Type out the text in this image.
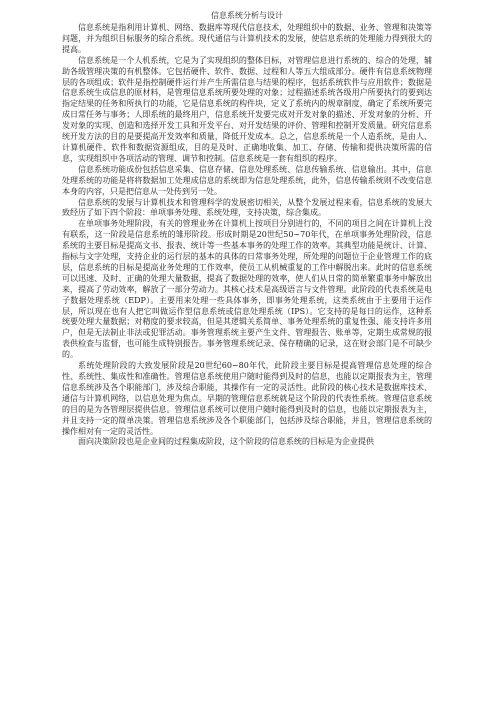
信息系统分析与设计

信息系统是指利用计算机、网络、数据库等现代信息技术，处理组织中的数据、业务、管理和决策等问题，并为组织目标服务的综合系统。现代通信与计算机技术的发展，使信息系统的处理能力得到很大的提高。

信息系统是一个人机系统，它是为了实现组织的整体目标，对管理信息进行系统的、综合的处理，辅助各级管理决策的有机整体。它包括硬件、软件、数据、过程和人等五大组成部分。硬件有信息系统物理层的各项组成；软件是指控制硬件运行并产生所需信息与结果的程序，包括系统软件与应用软件；数据是信息系统生成信息的原材料，是管理信息系统所要处理的对象；过程描述系统各级用户所要执行的要到达指定结果的任务和所执行的功能，它是信息系统的构件块，定义了系统内的规章制度，确定了系统所要完成日常任务与事务；人即系统的最终用户，信息系统开发要完成对开发对象的描述、开发对象的分析、开发对象的实现、创造和选择开发工具和开发平台、对开发结果的评价、管理和控制开发质量。研究信息系统开发方法的目的是要提高开发效率和质量，降低开发成本。总之，信息系统是一个人造系统，是由人、计算机硬件、软件和数据资源组成，目的是及时、正确地收集、加工、存储、传输和提供决策所需的信息，实现组织中各项活动的管理、调节和控制。信息系统是一套有组织的程序。

信息系统功能成份包括信息采集、信息存储、信息处理系统、信息传输系统、信息输出。其中，信息处理系统的功能是将将数据加工处理成信息的系统即为信息处理系统，此外，信息传输系统则不改变信息本身的内容，只是把信息从一处传到另一处。

信息系统的发展与计算机技术和管理科学的发展密切相关，从整个发展过程来看，信息系统的发展大致经历了如下四个阶段：单项事务处理、系统处理，支持决策，综合集成。

在单项事务处理阶段，有关的管理业务在计算机上按项目分别进行的，不同的项目之间在计算机上没有联系，这一阶段是信息系统的雏形阶段。形成时期是20世纪50~70年代，在单项事务处理阶段，信息系统的主要目标是提高文书、报表、统计等一些基本事务的处理工作的效率。其典型功能是统计、计算、指标与文字处理，支持企业的运行层的基本的具体的日常事务处理，所处理的问题位于企业管理工作的底层，信息系统的目标是提高业务处理的工作效率，使员工从机械重复的工作中解脱出来。此时的信息系统可以迅速、及时、正确的处理大量数据，提高了数据处理的效率，使人们从日常的简单繁重事务中解放出来，提高了劳动效率，解放了一部分劳动力。其核心技术是高级语言与文件管理。此阶段的代表系统是电子数据处理系统（EDP）。主要用来处理一些具体事务，即事务处理系统，这类系统由于主要用于运作层，所以现在也有人把它叫做运作型信息系统或信息处理系统（IPS）。它支持的是每日的运作，这种系统要处理大量数据；对精度的要求较高，但是其逻辑关系简单、事务处理系统的重复性强、能支持许多用户，但是无法制止非法或犯罪活动。事务管理系统主要产生文件、管理报告、账单等，定期生成常规的报表供检查与监督，也可能生成特别报告。事务管理系统记录、保存精确的记录，这在财会部门是不可缺少的。

系统处理阶段的大致发展阶段是20世纪60~80年代，此阶段主要目标是提高管理信息处理的综合性、系统性、集成性和准确性。管理信息系统使用户随时能得到及时的信息，也能以定期报表为主，管理信息系统涉及各个职能部门，涉及综合职能，其操作有一定的灵活性。此阶段的核心技术是数据库技术、通信与计算机网络，以信息处理为焦点。早期的管理信息系统就是这个阶段的代表性系统。管理信息系统的目的是为各管理层提供信息。管理信息系统可以使用户随时能得到及时的信息，也能以定期报表为主，并且支持一定的简单决策。管理信息系统涉及各个职能部门，包括涉及综合职能，并且，管理信息系统的操作相对有一定的灵活性。

面向决策阶段也是企业间的过程集成阶段，这个阶段的信息系统的目标是为企业提供
